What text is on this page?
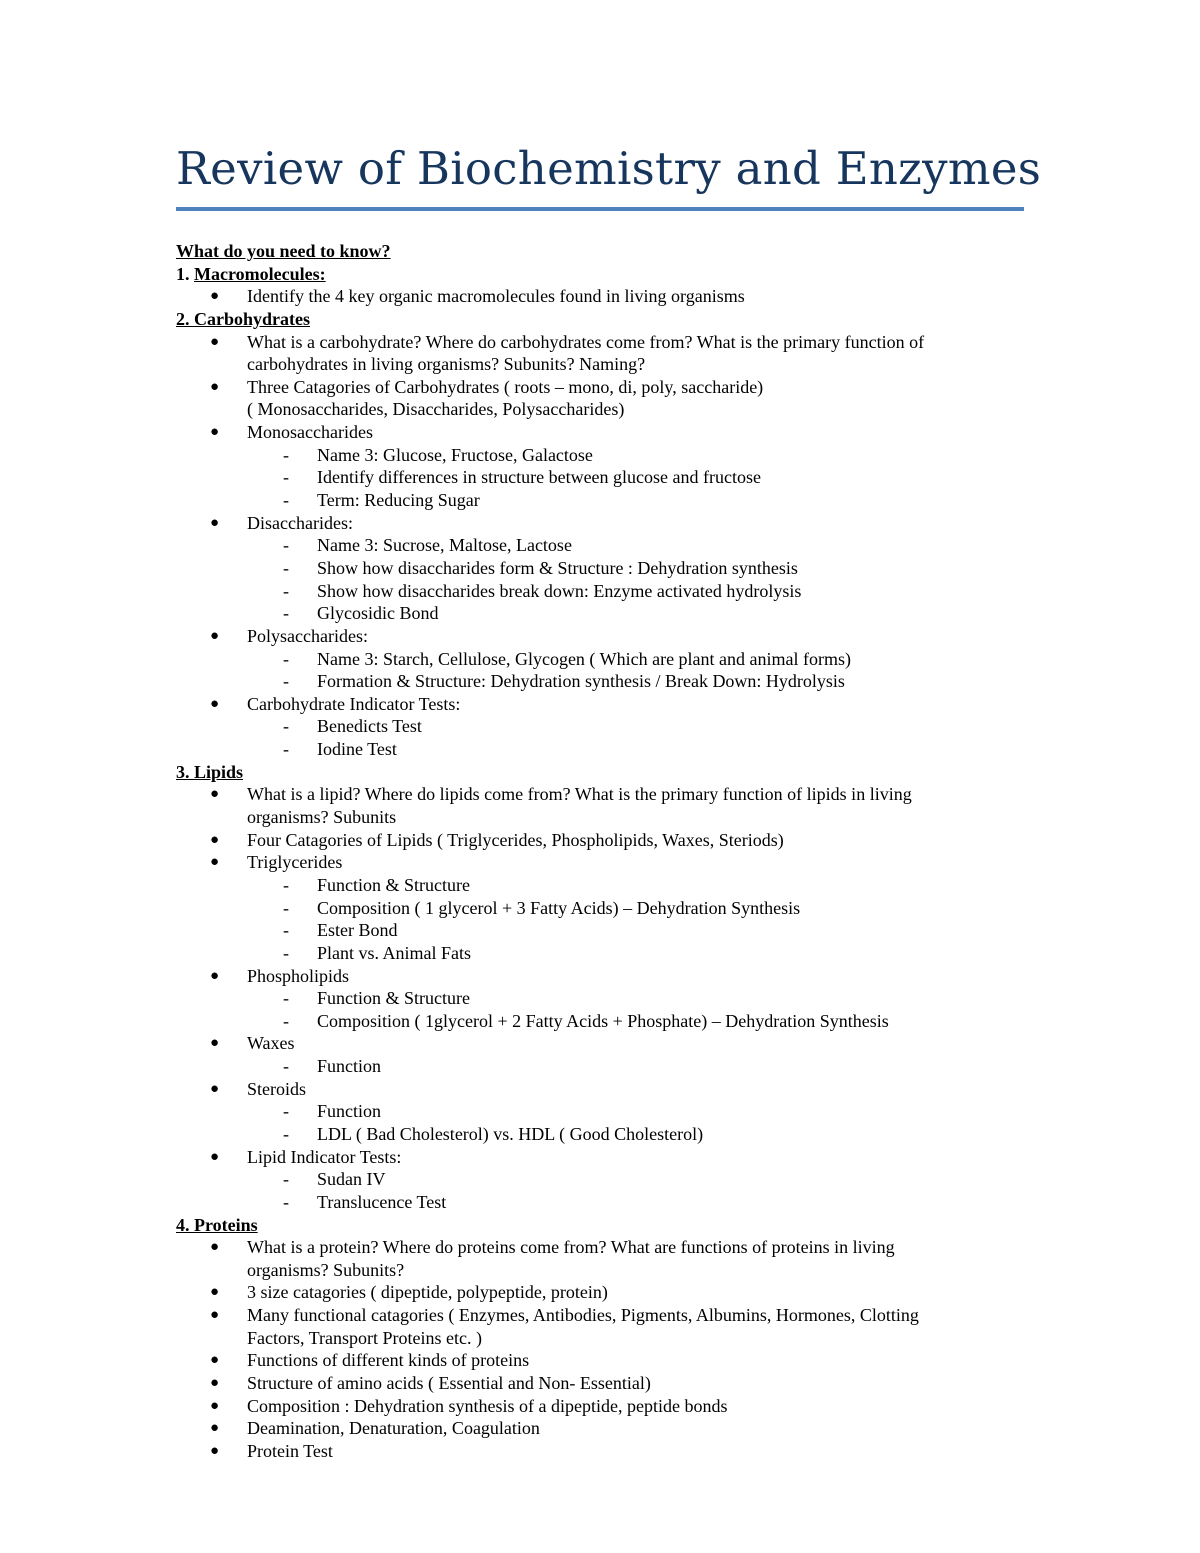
Review of Biochemistry and Enzymes
What do you need to know?
1. Macromolecules:
● Identify the 4 key organic macromolecules found in living organisms
2. Carbohydrates
● What is a carbohydrate? Where do carbohydrates come from? What is the primary function of
carbohydrates in living organisms? Subunits? Naming?
● Three Catagories of Carbohydrates ( roots – mono, di, poly, saccharide)
( Monosaccharides, Disaccharides, Polysaccharides)
● Monosaccharides
- Name 3: Glucose, Fructose, Galactose
- Identify differences in structure between glucose and fructose
- Term: Reducing Sugar
● Disaccharides:
- Name 3: Sucrose, Maltose, Lactose
- Show how disaccharides form & Structure : Dehydration synthesis
- Show how disaccharides break down: Enzyme activated hydrolysis
- Glycosidic Bond
● Polysaccharides:
- Name 3: Starch, Cellulose, Glycogen ( Which are plant and animal forms)
- Formation & Structure: Dehydration synthesis / Break Down: Hydrolysis
● Carbohydrate Indicator Tests:
- Benedicts Test
- Iodine Test
3. Lipids
● What is a lipid? Where do lipids come from? What is the primary function of lipids in living
organisms? Subunits
● Four Catagories of Lipids ( Triglycerides, Phospholipids, Waxes, Steriods)
● Triglycerides
- Function & Structure
- Composition ( 1 glycerol + 3 Fatty Acids) – Dehydration Synthesis
- Ester Bond
- Plant vs. Animal Fats
● Phospholipids
- Function & Structure
- Composition ( 1glycerol + 2 Fatty Acids + Phosphate) – Dehydration Synthesis
● Waxes
- Function
● Steroids
- Function
- LDL ( Bad Cholesterol) vs. HDL ( Good Cholesterol)
● Lipid Indicator Tests:
- Sudan IV
- Translucence Test
4. Proteins
● What is a protein? Where do proteins come from? What are functions of proteins in living
organisms? Subunits?
● 3 size catagories ( dipeptide, polypeptide, protein)
● Many functional catagories ( Enzymes, Antibodies, Pigments, Albumins, Hormones, Clotting
Factors, Transport Proteins etc. )
● Functions of different kinds of proteins
● Structure of amino acids ( Essential and Non- Essential)
● Composition : Dehydration synthesis of a dipeptide, peptide bonds
● Deamination, Denaturation, Coagulation
● Protein Test
